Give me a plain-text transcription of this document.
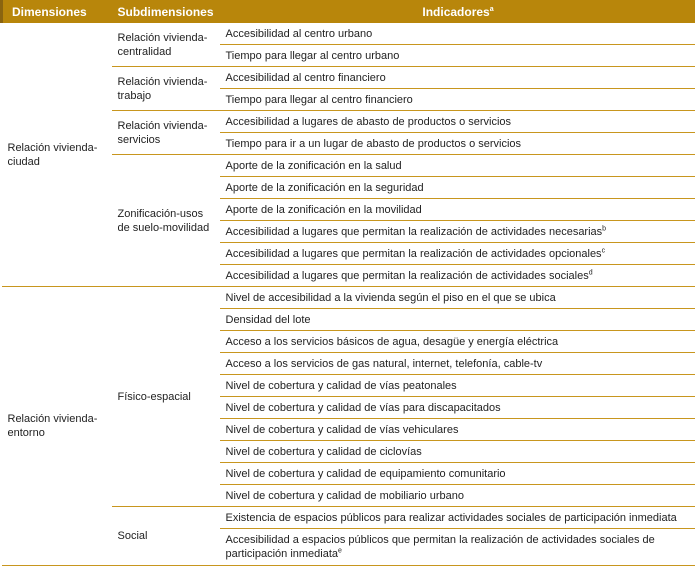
Dimensiones	Subdimensiones	Indicadores$^a$
Relación vivienda-ciudad	Relación vivienda-centralidad	Accesibilidad al centro urbano
		Tiempo para llegar al centro urbano
	Relación vivienda-trabajo	Accesibilidad al centro financiero
		Tiempo para llegar al centro financiero
	Relación vivienda-servicios	Accesibilidad a lugares de abasto de productos o servicios
		Tiempo para ir a un lugar de abasto de productos o servicios
	Zonificación-usos de suelo-movilidad	Aporte de la zonificación en la salud
		Aporte de la zonificación en la seguridad
		Aporte de la zonificación en la movilidad
		Accesibilidad a lugares que permitan la realización de actividades necesarias$^b$
		Accesibilidad a lugares que permitan la realización de actividades opcionales$^c$
		Accesibilidad a lugares que permitan la realización de actividades sociales$^d$
Relación vivienda-entorno	Físico-espacial	Nivel de accesibilidad a la vivienda según el piso en el que se ubica
		Densidad del lote
		Acceso a los servicios básicos de agua, desagüe y energía eléctrica
		Acceso a los servicios de gas natural, internet, telefonía, cable-tv
		Nivel de cobertura y calidad de vías peatonales
		Nivel de cobertura y calidad de vías para discapacitados
		Nivel de cobertura y calidad de vías vehiculares
		Nivel de cobertura y calidad de ciclovías
		Nivel de cobertura y calidad de equipamiento comunitario
		Nivel de cobertura y calidad de mobiliario urbano
	Social	Existencia de espacios públicos para realizar actividades sociales de participación inmediata
		Accesibilidad a espacios públicos que permitan la realización de actividades sociales de participación inmediata$^e$
